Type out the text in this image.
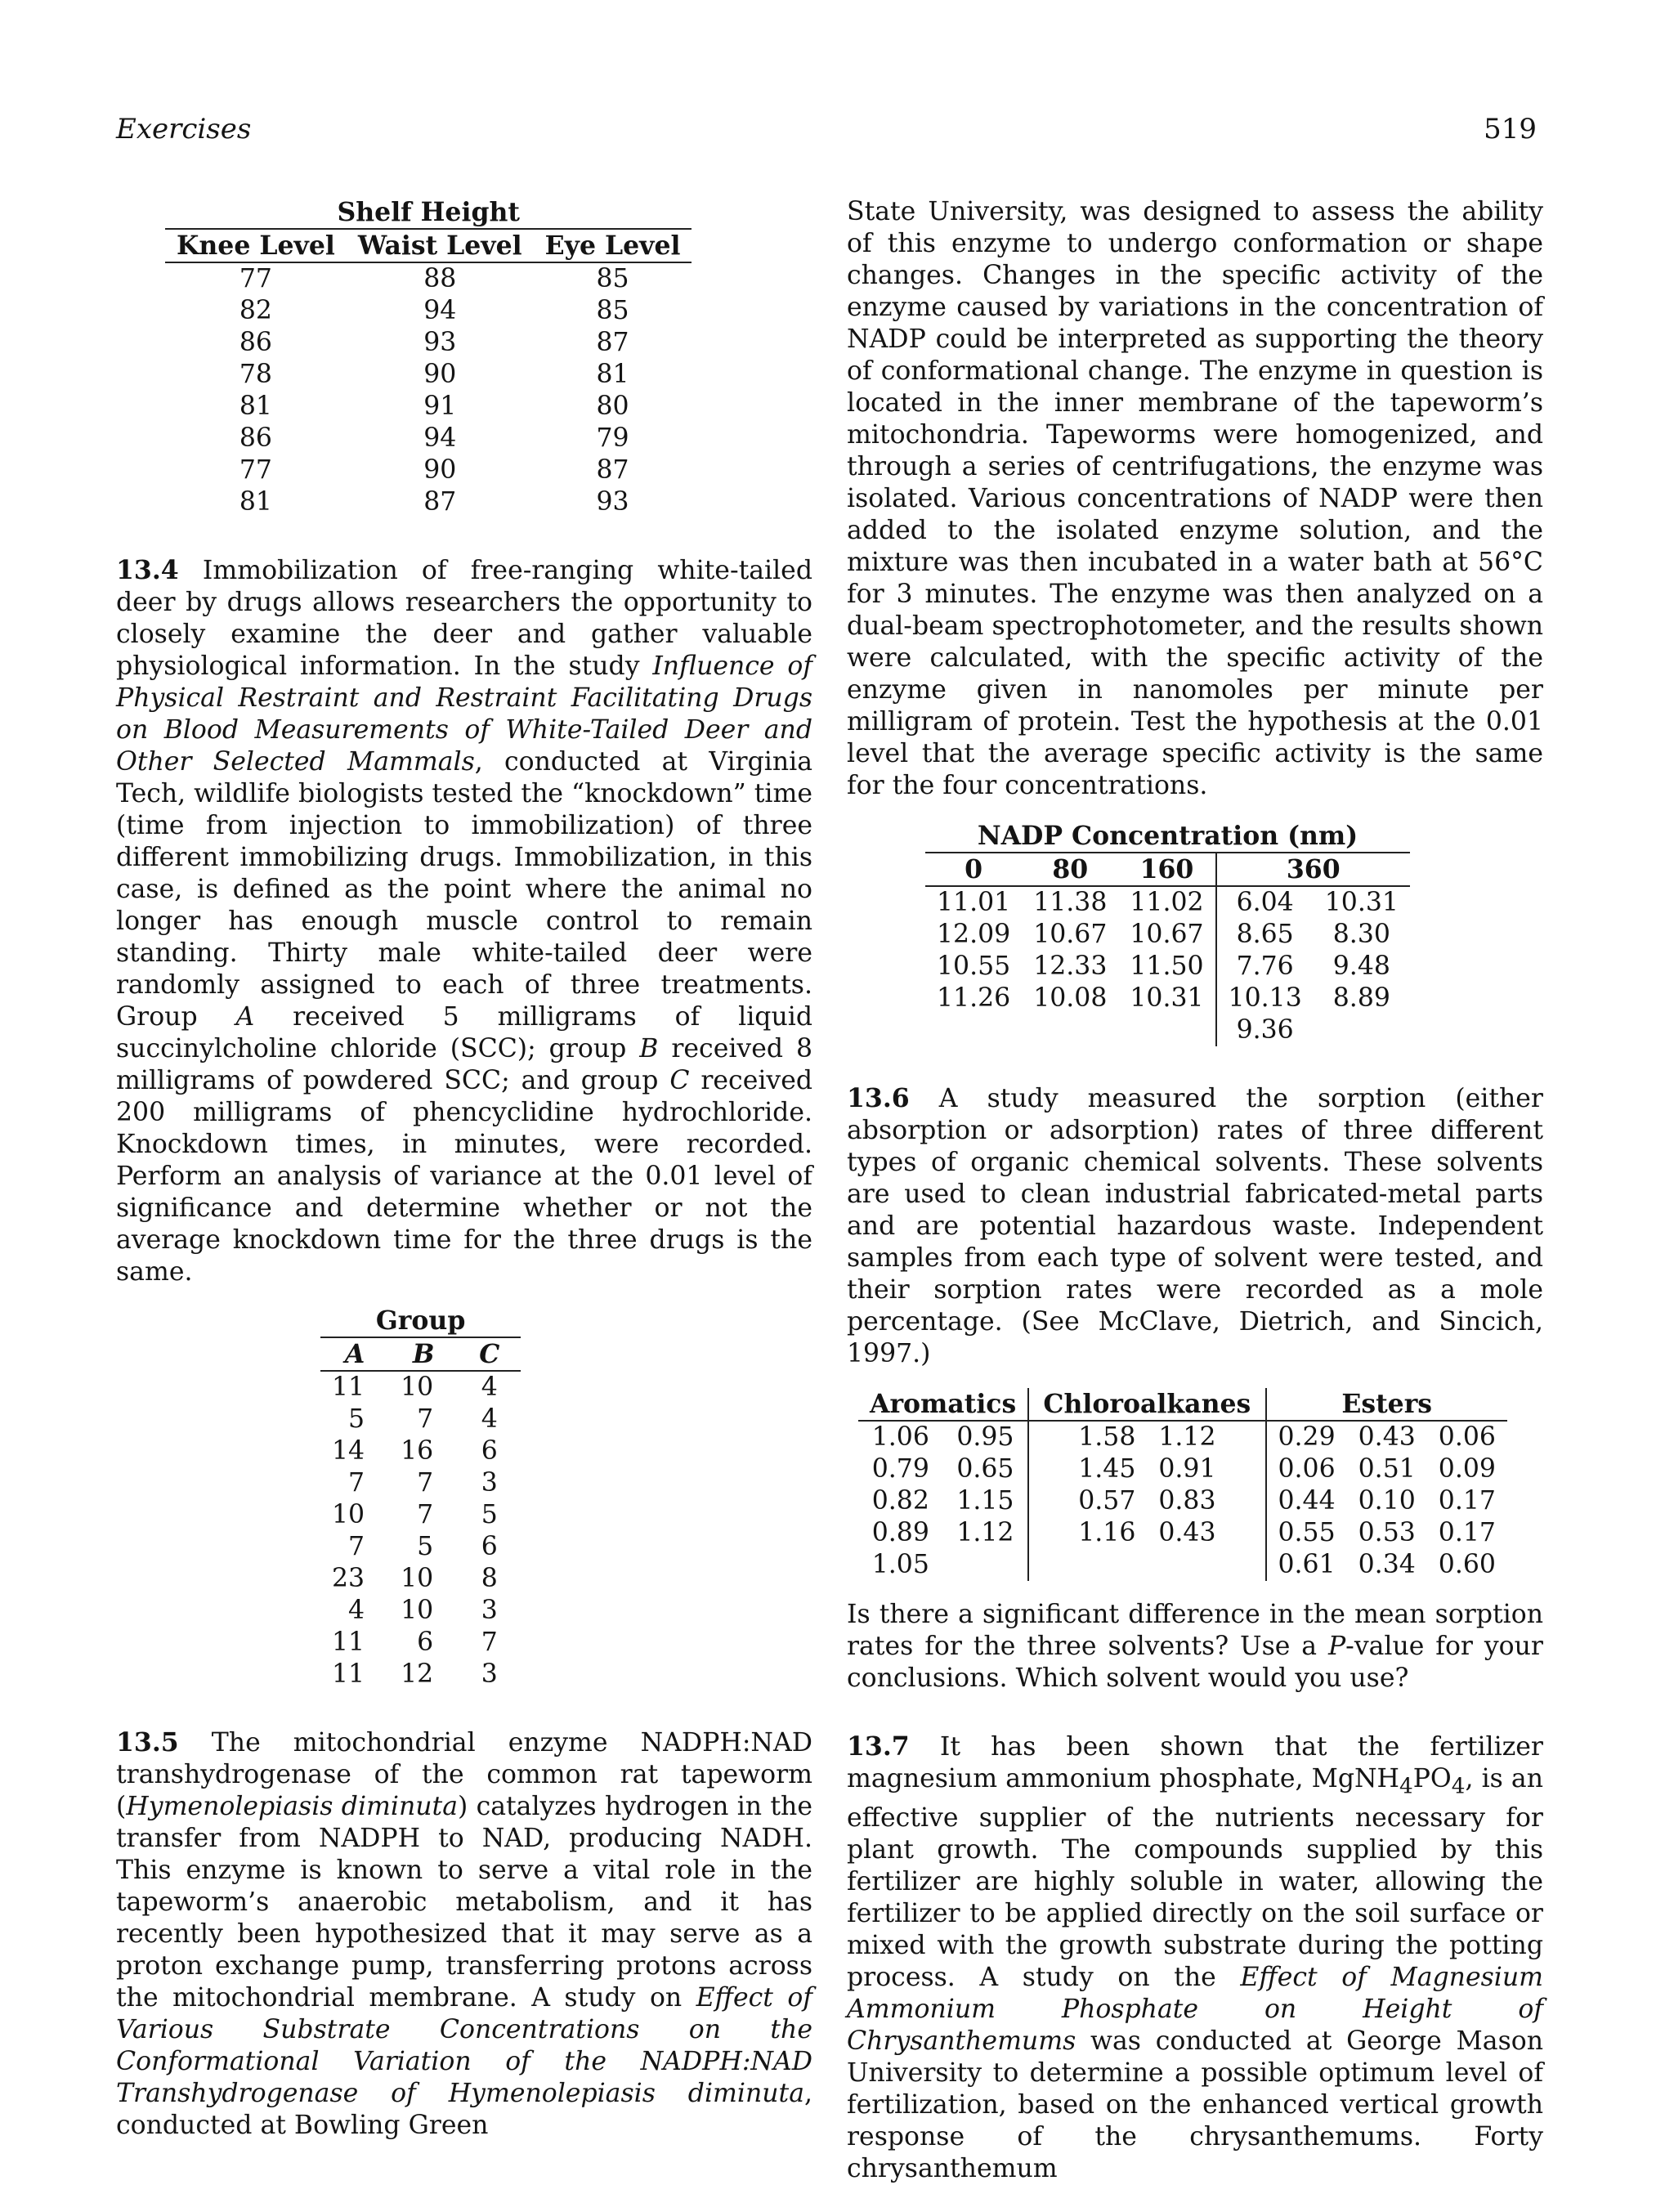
Exercises	519
Shelf Height		
Knee Level	Waist Level	Eye Level
77	88	85
82	94	85
86	93	87
78	90	81
81	91	80
86	94	79
77	90	87
81	87	93

13.4 Immobilization of free-ranging white-tailed deer by drugs allows researchers the opportunity to closely examine the deer and gather valuable physiological information. In the study Influence of Physical Restraint and Restraint Facilitating Drugs on Blood Measurements of White-Tailed Deer and Other Selected Mammals, conducted at Virginia Tech, wildlife biologists tested the “knockdown” time (time from injection to immobilization) of three different immobilizing drugs. Immobilization, in this case, is defined as the point where the animal no longer has enough muscle control to remain standing. Thirty male white-tailed deer were randomly assigned to each of three treatments. Group A received 5 milligrams of liquid succinylcholine chloride (SCC); group B received 8 milligrams of powdered SCC; and group C received 200 milligrams of phencyclidine hydrochloride. Knockdown times, in minutes, were recorded. Perform an analysis of variance at the 0.01 level of significance and determine whether or not the average knockdown time for the three drugs is the same.

Group		
A	B	C
11	10	4
5	7	4
14	16	6
7	7	3
10	7	5
7	5	6
23	10	8
4	10	3
11	6	7
11	12	3

13.5 The mitochondrial enzyme NADPH:NAD transhydrogenase of the common rat tapeworm (Hymenolepiasis diminuta) catalyzes hydrogen in the transfer from NADPH to NAD, producing NADH. This enzyme is known to serve a vital role in the tapeworm’s anaerobic metabolism, and it has recently been hypothesized that it may serve as a proton exchange pump, transferring protons across the mitochondrial membrane. A study on Effect of Various Substrate Concentrations on the Conformational Variation of the NADPH:NAD Transhydrogenase of Hymenolepiasis diminuta, conducted at Bowling Green

State University, was designed to assess the ability of this enzyme to undergo conformation or shape changes. Changes in the specific activity of the enzyme caused by variations in the concentration of NADP could be interpreted as supporting the theory of conformational change. The enzyme in question is located in the inner membrane of the tapeworm’s mitochondria. Tapeworms were homogenized, and through a series of centrifugations, the enzyme was isolated. Various concentrations of NADP were then added to the isolated enzyme solution, and the mixture was then incubated in a water bath at 56°C for 3 minutes. The enzyme was then analyzed on a dual-beam spectrophotometer, and the results shown were calculated, with the specific activity of the enzyme given in nanomoles per minute per milligram of protein. Test the hypothesis at the 0.01 level that the average specific activity is the same for the four concentrations.

NADP Concentration (nm)				
0	80	160	360	
11.01	11.38	11.02	6.04	10.31
12.09	10.67	10.67	8.65	8.30
10.55	12.33	11.50	7.76	9.48
11.26	10.08	10.31	10.13	8.89
			9.36	

13.6 A study measured the sorption (either absorption or adsorption) rates of three different types of organic chemical solvents. These solvents are used to clean industrial fabricated-metal parts and are potential hazardous waste. Independent samples from each type of solvent were tested, and their sorption rates were recorded as a mole percentage. (See McClave, Dietrich, and Sincich, 1997.)

Aromatics		Chloroalkanes		Esters		
1.06	0.95	1.58	1.12	0.29	0.43	0.06
0.79	0.65	1.45	0.91	0.06	0.51	0.09
0.82	1.15	0.57	0.83	0.44	0.10	0.17
0.89	1.12	1.16	0.43	0.55	0.53	0.17
1.05				0.61	0.34	0.60

Is there a significant difference in the mean sorption rates for the three solvents? Use a P-value for your conclusions. Which solvent would you use?

13.7 It has been shown that the fertilizer magnesium ammonium phosphate, $MgNH_4PO_4$, is an effective supplier of the nutrients necessary for plant growth. The compounds supplied by this fertilizer are highly soluble in water, allowing the fertilizer to be applied directly on the soil surface or mixed with the growth substrate during the potting process. A study on the Effect of Magnesium Ammonium Phosphate on Height of Chrysanthemums was conducted at George Mason University to determine a possible optimum level of fertilization, based on the enhanced vertical growth response of the chrysanthemums. Forty chrysanthemum
